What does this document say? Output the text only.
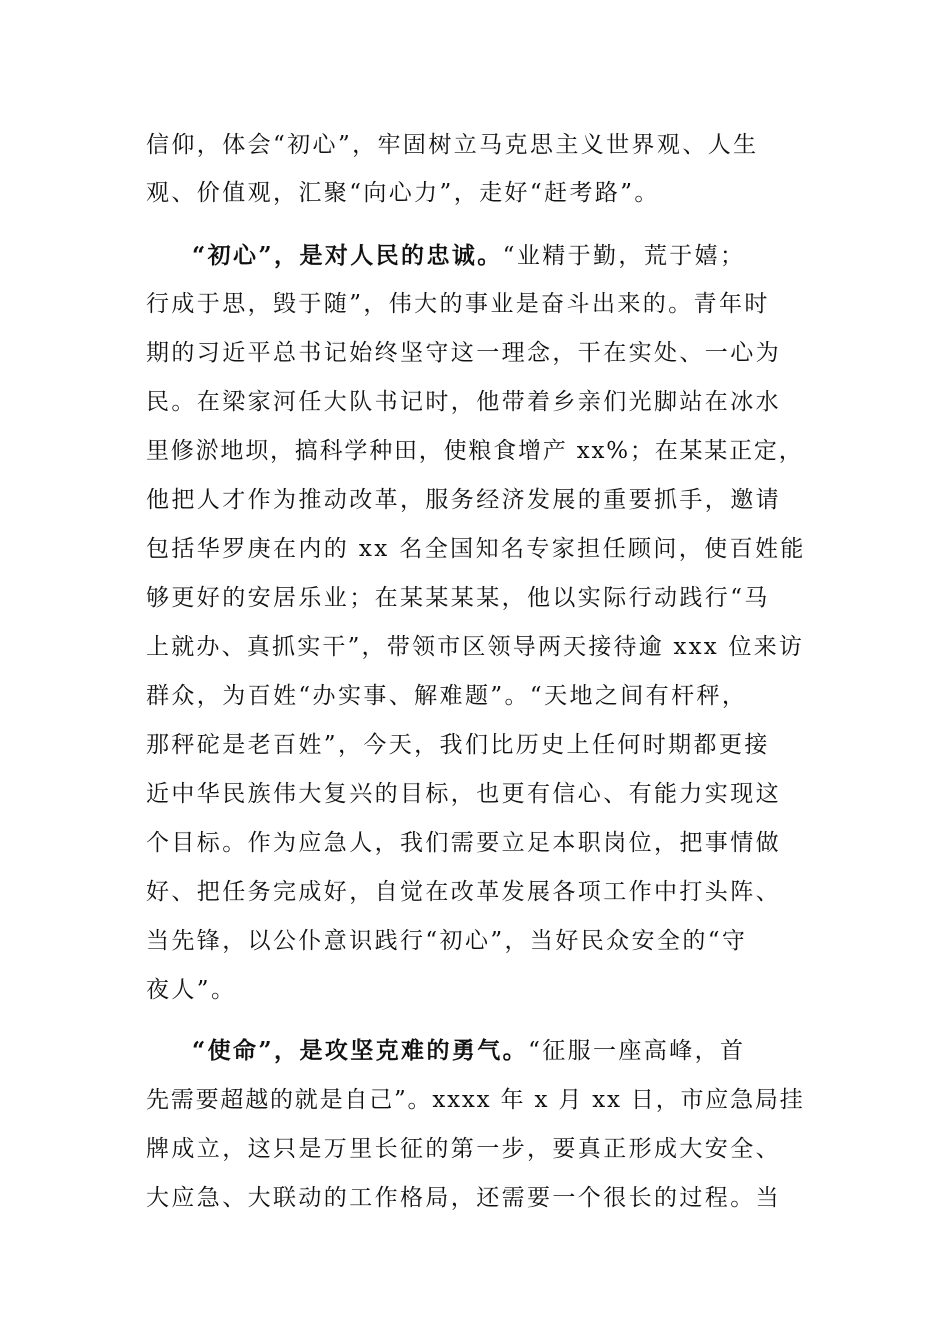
信仰，体会“初心”，牢固树立马克思主义世界观、人生
观、价值观，汇聚“向心力”，走好“赶考路”。
“初心”，是对人民的忠诚。“业精于勤，荒于嬉；
行成于思，毁于随”，伟大的事业是奋斗出来的。青年时
期的习近平总书记始终坚守这一理念，干在实处、一心为
民。在梁家河任大队书记时，他带着乡亲们光脚站在冰水
里修淤地坝，搞科学种田，使粮食增产 xx%；在某某正定，
他把人才作为推动改革，服务经济发展的重要抓手，邀请
包括华罗庚在内的 xx 名全国知名专家担任顾问，使百姓能
够更好的安居乐业；在某某某某，他以实际行动践行“马
上就办、真抓实干”，带领市区领导两天接待逾 xxx 位来访
群众，为百姓“办实事、解难题”。“天地之间有杆秤，
那秤砣是老百姓”，今天，我们比历史上任何时期都更接
近中华民族伟大复兴的目标，也更有信心、有能力实现这
个目标。作为应急人，我们需要立足本职岗位，把事情做
好、把任务完成好，自觉在改革发展各项工作中打头阵、
当先锋，以公仆意识践行“初心”，当好民众安全的“守
夜人”。
“使命”，是攻坚克难的勇气。“征服一座高峰，首
先需要超越的就是自己”。xxxx 年 x 月 xx 日，市应急局挂
牌成立，这只是万里长征的第一步，要真正形成大安全、
大应急、大联动的工作格局，还需要一个很长的过程。当
